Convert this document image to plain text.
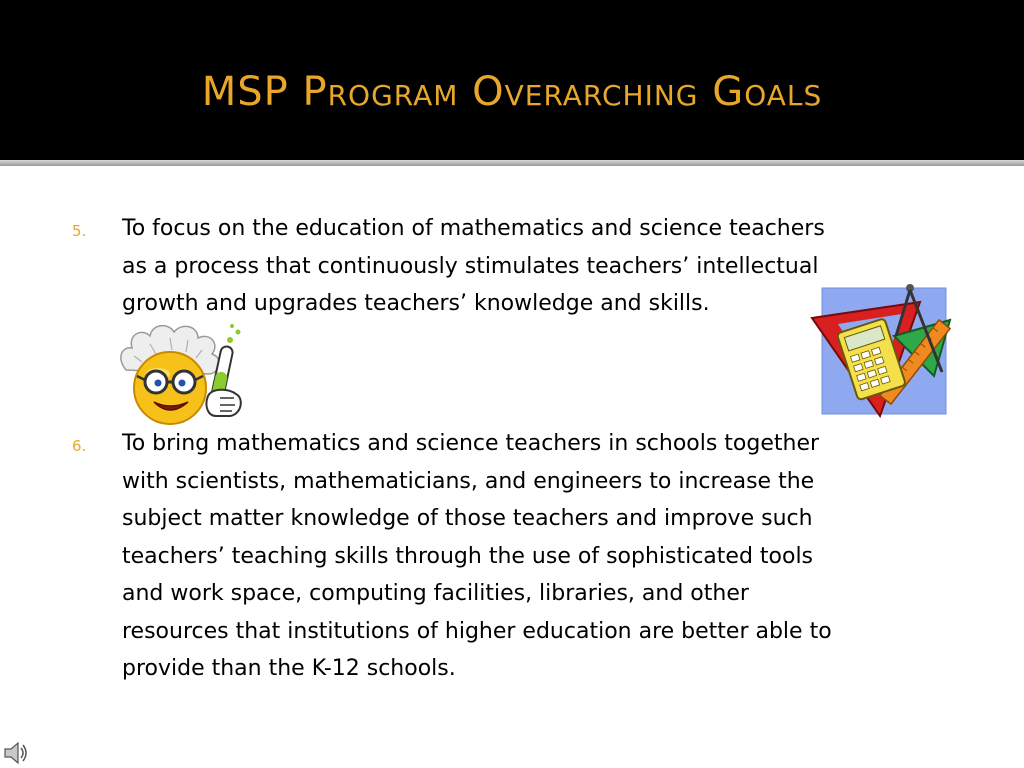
MSP Program Overarching Goals
5. To focus on the education of mathematics and science teachers
as a process that continuously stimulates teachers’ intellectual
growth and upgrades teachers’ knowledge and skills.
6. To bring mathematics and science teachers in schools together
with scientists, mathematicians, and engineers to increase the
subject matter knowledge of those teachers and improve such
teachers’ teaching skills through the use of sophisticated tools
and work space, computing facilities, libraries, and other
resources that institutions of higher education are better able to
provide than the K-12 schools.
